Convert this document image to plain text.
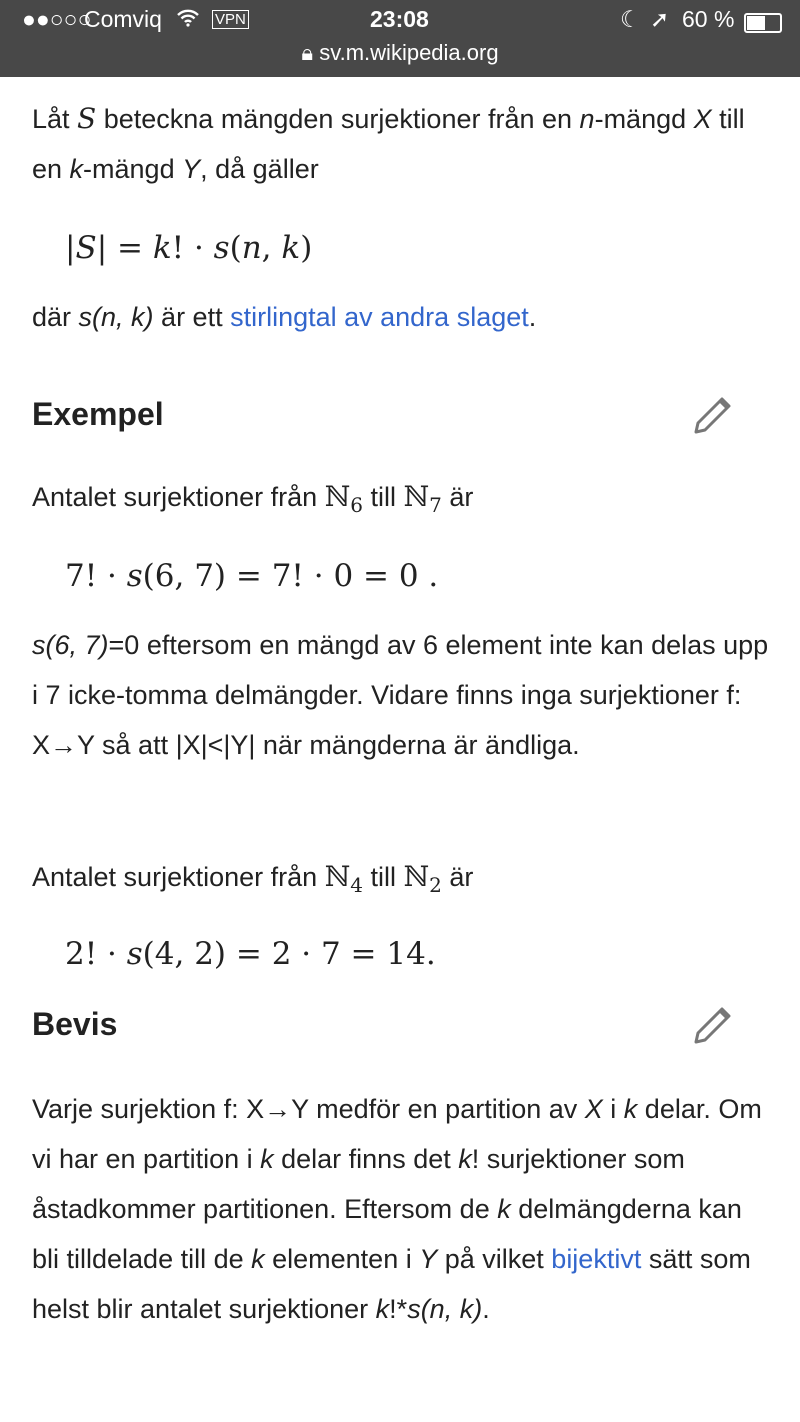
●●○○○
Comviq	VPN	23:08	☾ ➚ 60 %
🔒︎ sv.m.wikipedia.org
Låt S beteckna mängden surjektioner från en n-mängd X till en k-mängd Y, då gäller
|S| = k! · s(n, k)
där s(n, k) är ett stirlingtal av andra slaget.
Exempel
Antalet surjektioner från ℕ$_6$ till ℕ$_7$ är
7! · s(6, 7) = 7! · 0 = 0 .
s(6, 7)=0 eftersom en mängd av 6 element inte kan delas upp i 7 icke-tomma delmängder. Vidare finns inga surjektioner f: X→Y så att |X|<|Y| när mängderna är ändliga.
Antalet surjektioner från ℕ$_4$ till ℕ$_2$ är
2! · s(4, 2) = 2 · 7 = 14.
Bevis
Varje surjektion f: X→Y medför en partition av X i k delar. Om vi har en partition i k delar finns det k! surjektioner som åstadkommer partitionen. Eftersom de k delmängderna kan bli tilldelade till de k elementen i Y på vilket bijektivt sätt som helst blir antalet surjektioner k!*s(n, k).
